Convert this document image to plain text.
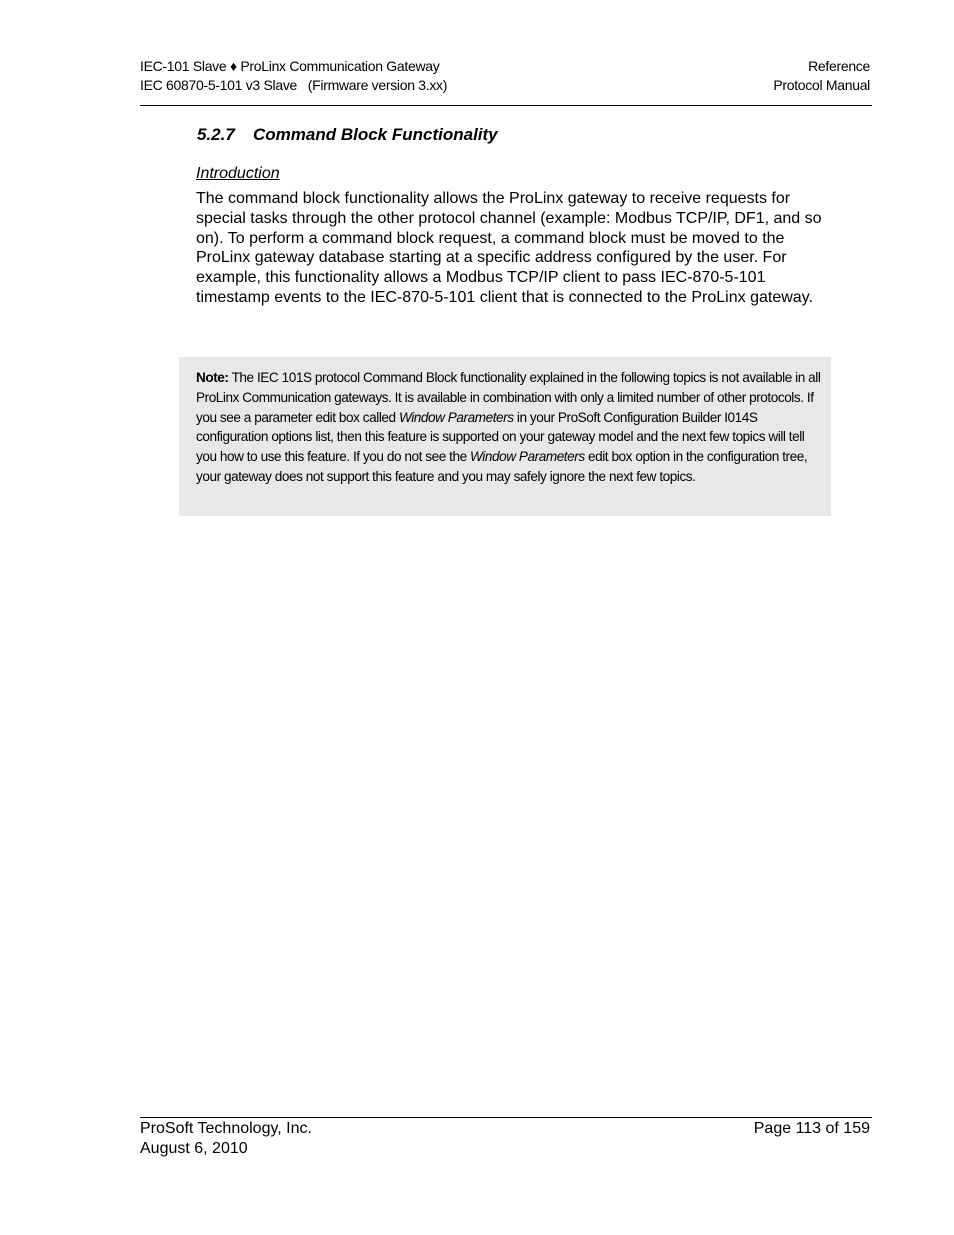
IEC-101 Slave ♦ ProLinx Communication Gateway	Reference
IEC 60870-5-101 v3 Slave   (Firmware version 3.xx)	Protocol Manual
5.2.7 Command Block Functionality
Introduction

The command block functionality allows the ProLinx gateway to receive requests for special tasks through the other protocol channel (example: Modbus TCP/IP, DF1, and so on). To perform a command block request, a command block must be moved to the ProLinx gateway database starting at a specific address configured by the user. For example, this functionality allows a Modbus TCP/IP client to pass IEC-870-5-101 timestamp events to the IEC-870-5-101 client that is connected to the ProLinx gateway.

Note: The IEC 101S protocol Command Block functionality explained in the following topics is not available in all ProLinx Communication gateways. It is available in combination with only a limited number of other protocols. If you see a parameter edit box called Window Parameters in your ProSoft Configuration Builder I014S configuration options list, then this feature is supported on your gateway model and the next few topics will tell you how to use this feature. If you do not see the Window Parameters edit box option in the configuration tree, your gateway does not support this feature and you may safely ignore the next few topics.

ProSoft Technology, Inc.	Page 113 of 159
August 6, 2010
